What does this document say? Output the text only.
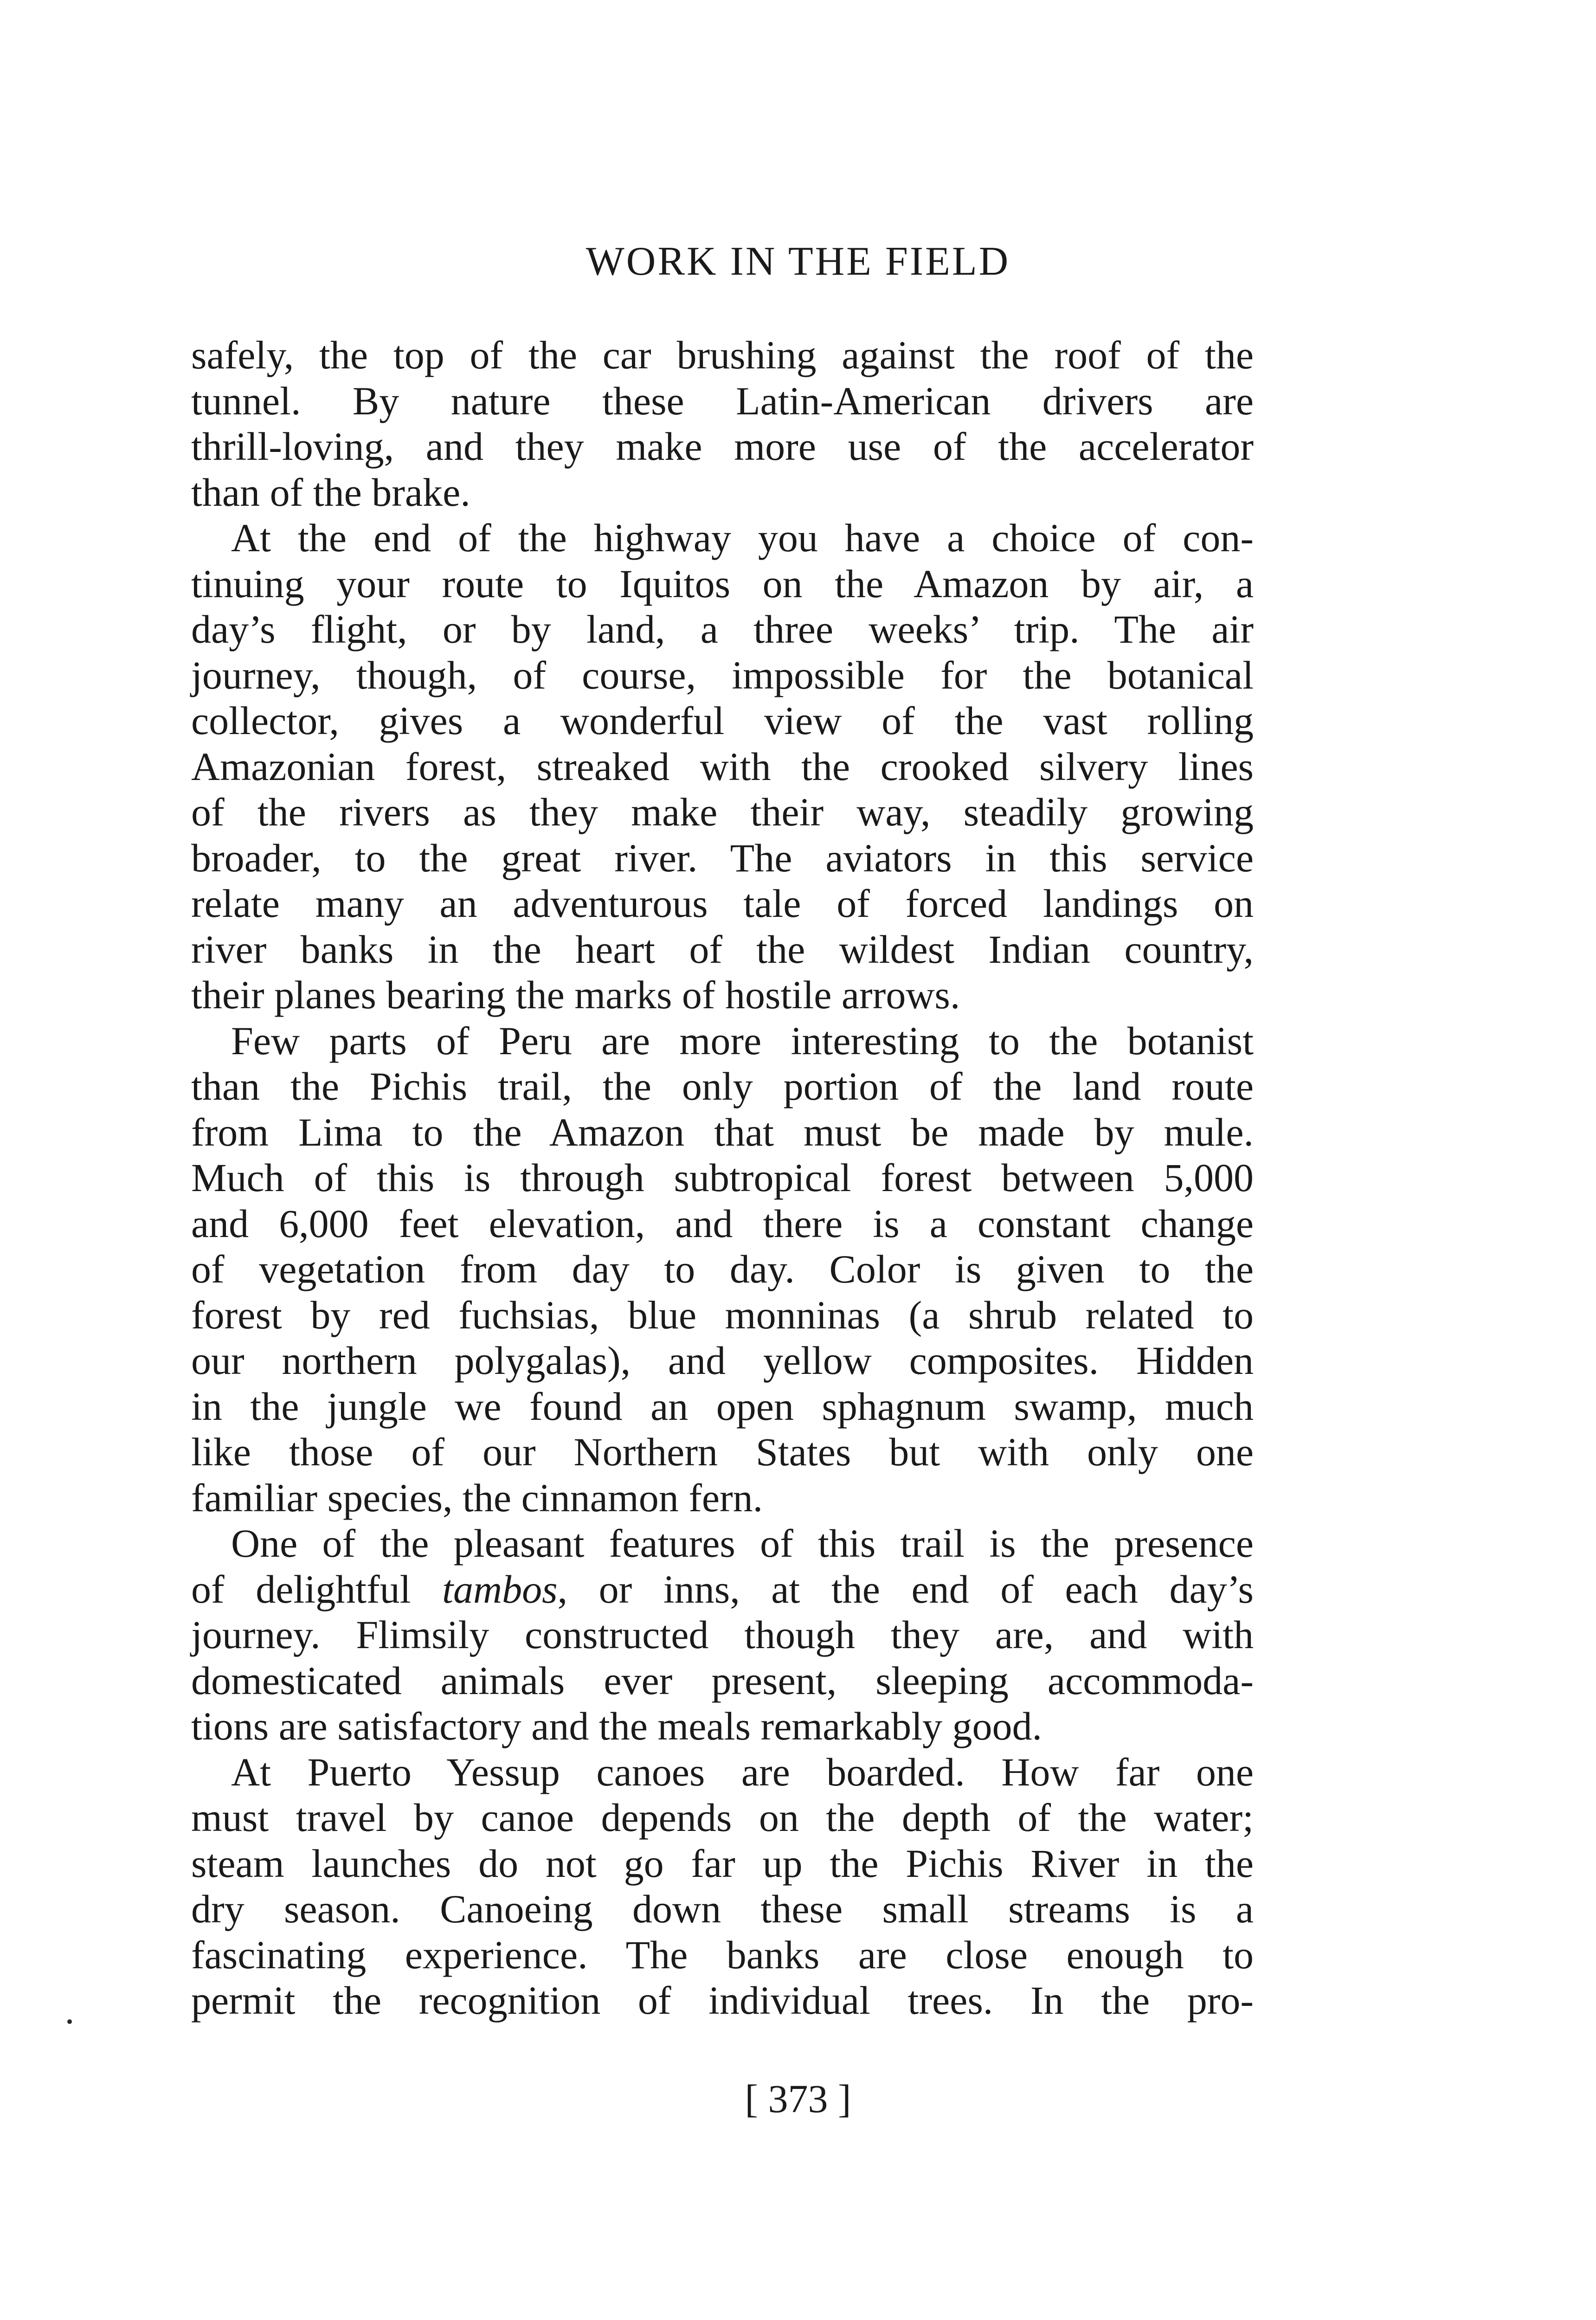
WORK IN THE FIELD
safely, the top of the car brushing against the roof of the
tunnel. By nature these Latin-American drivers are
thrill-loving, and they make more use of the accelerator
than of the brake.
At the end of the highway you have a choice of con-
tinuing your route to Iquitos on the Amazon by air, a
day’s flight, or by land, a three weeks’ trip. The air
journey, though, of course, impossible for the botanical
collector, gives a wonderful view of the vast rolling
Amazonian forest, streaked with the crooked silvery lines
of the rivers as they make their way, steadily growing
broader, to the great river. The aviators in this service
relate many an adventurous tale of forced landings on
river banks in the heart of the wildest Indian country,
their planes bearing the marks of hostile arrows.
Few parts of Peru are more interesting to the botanist
than the Pichis trail, the only portion of the land route
from Lima to the Amazon that must be made by mule.
Much of this is through subtropical forest between 5,000
and 6,000 feet elevation, and there is a constant change
of vegetation from day to day. Color is given to the
forest by red fuchsias, blue monninas (a shrub related to
our northern polygalas), and yellow composites. Hidden
in the jungle we found an open sphagnum swamp, much
like those of our Northern States but with only one
familiar species, the cinnamon fern.
One of the pleasant features of this trail is the presence
of delightful tambos, or inns, at the end of each day’s
journey. Flimsily constructed though they are, and with
domesticated animals ever present, sleeping accommoda-
tions are satisfactory and the meals remarkably good.
At Puerto Yessup canoes are boarded. How far one
must travel by canoe depends on the depth of the water;
steam launches do not go far up the Pichis River in the
dry season. Canoeing down these small streams is a
fascinating experience. The banks are close enough to
permit the recognition of individual trees. In the pro-
[ 373 ]
